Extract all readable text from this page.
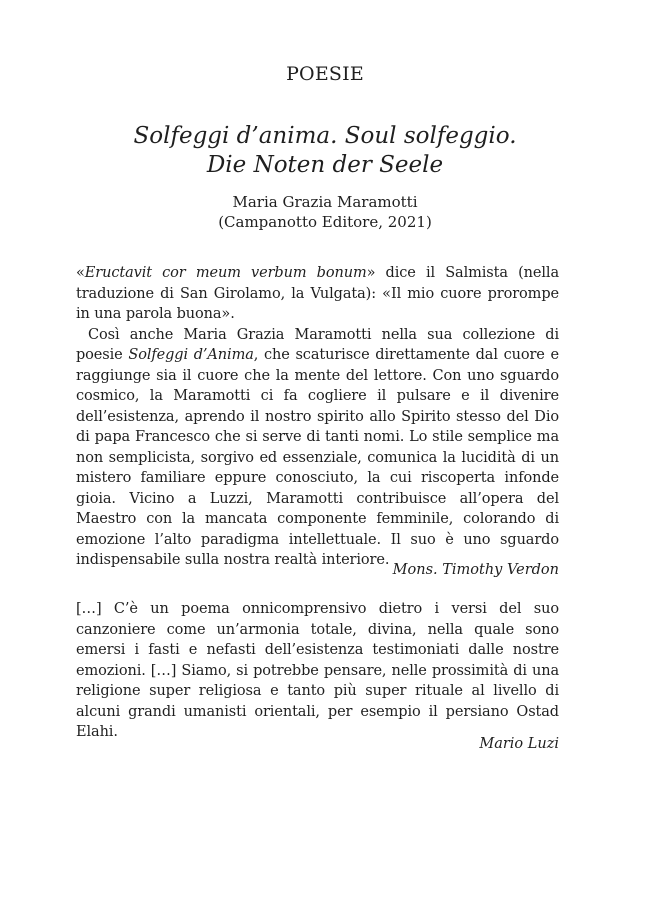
POESIE
Solfeggi d’anima. Soul solfeggio.
Die Noten der Seele
Maria Grazia Maramotti
(Campanotto Editore, 2021)

«Eructavit cor meum verbum bonum» dice il Salmista (nella traduzione di San Girolamo, la Vulgata): «Il mio cuore prorompe in una parola buona».

Così anche Maria Grazia Maramotti nella sua collezione di poesie Solfeggi d’Anima, che scaturisce direttamente dal cuore e raggiunge sia il cuore che la mente del lettore. Con uno sguardo cosmico, la Maramotti ci fa cogliere il pulsare e il divenire dell’esistenza, aprendo il nostro spirito allo Spirito stesso del Dio di papa Francesco che si serve di tanti nomi. Lo stile semplice ma non semplicista, sorgivo ed essenziale, comunica la lucidità di un mistero familiare eppure conosciuto, la cui riscoperta infonde gioia. Vicino a Luzzi, Maramotti contribuisce all’opera del Maestro con la mancata componente femminile, colorando di emozione l’alto paradigma intellettuale. Il suo è uno sguardo indispensabile sulla nostra realtà interiore.

Mons. Timothy Verdon

[…] C’è un poema onnicomprensivo dietro i versi del suo canzoniere come un’armonia totale, divina, nella quale sono emersi i fasti e nefasti dell’esistenza testimoniati dalle nostre emozioni. […] Siamo, si potrebbe pensare, nelle prossimità di una religione super religiosa e tanto più super rituale al livello di alcuni grandi umanisti orientali, per esempio il persiano Ostad Elahi.

Mario Luzi
